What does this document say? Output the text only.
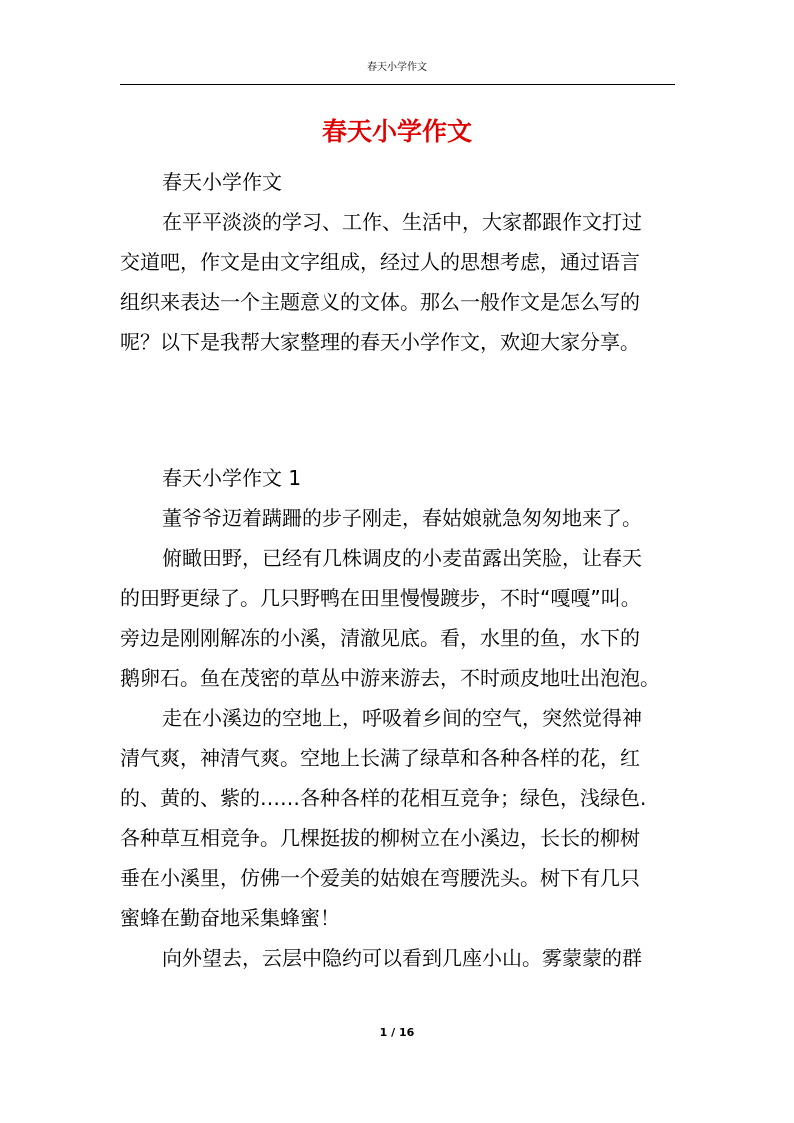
春天小学作文
春天小学作文
春天小学作文
在平平淡淡的学习、工作、生活中，大家都跟作文打过
交道吧，作文是由文字组成，经过人的思想考虑，通过语言
组织来表达一个主题意义的文体。那么一般作文是怎么写的
呢？以下是我帮大家整理的春天小学作文，欢迎大家分享。
春天小学作文 1
董爷爷迈着蹒跚的步子刚走，春姑娘就急匆匆地来了。
俯瞰田野，已经有几株调皮的小麦苗露出笑脸，让春天
的田野更绿了。几只野鸭在田里慢慢踱步，不时“嘎嘎”叫。
旁边是刚刚解冻的小溪，清澈见底。看，水里的鱼，水下的
鹅卵石。鱼在茂密的草丛中游来游去，不时顽皮地吐出泡泡。
走在小溪边的空地上，呼吸着乡间的空气，突然觉得神
清气爽，神清气爽。空地上长满了绿草和各种各样的花，红
的、黄的、紫的……各种各样的花相互竞争；绿色，浅绿色.
各种草互相竞争。几棵挺拔的柳树立在小溪边，长长的柳树
垂在小溪里，仿佛一个爱美的姑娘在弯腰洗头。树下有几只
蜜蜂在勤奋地采集蜂蜜！
向外望去，云层中隐约可以看到几座小山。雾蒙蒙的群
1 / 16
